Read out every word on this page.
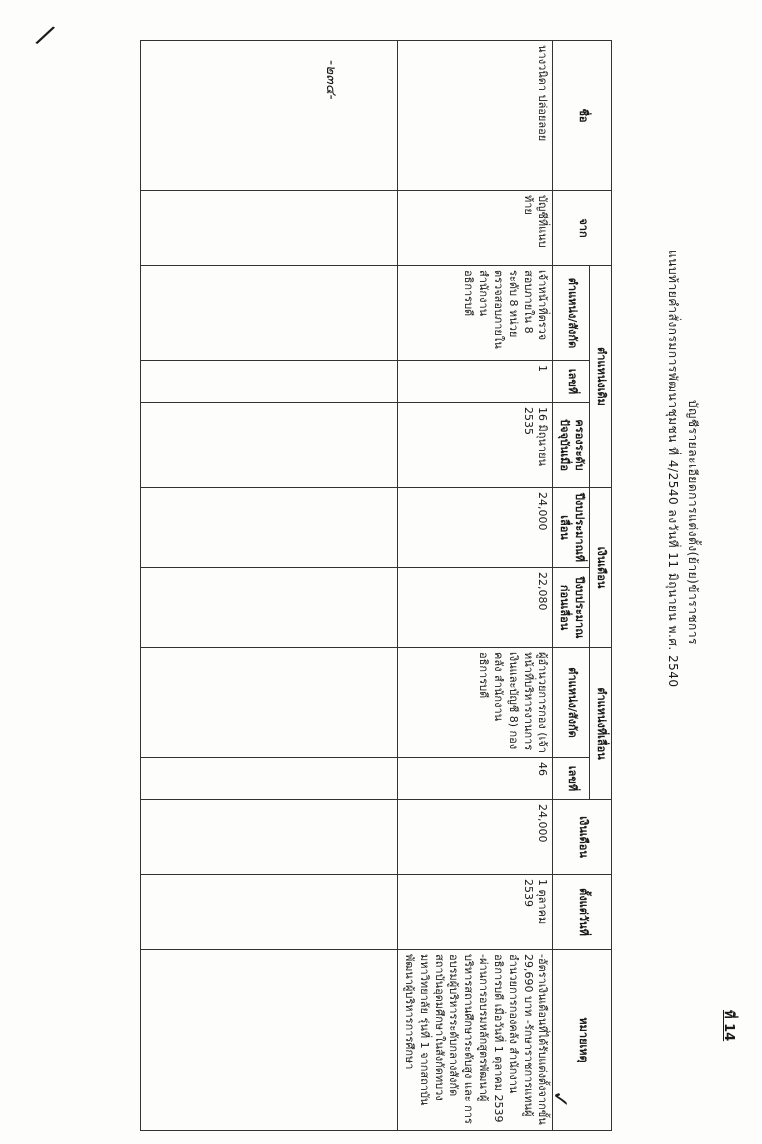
ที่ 14
บัญชีรายละเอียดการแต่งตั้ง(ย้าย)ข้าราชการ
แนบท้ายคำสั่งกรมการพัฒนาชุมชน ที่ 4/2540 ลงวันที่ 11 มิถุนายน พ.ศ. 2540
-๒๓๔-
/
✓
ชื่อ	จาก	ตำแหน่งเดิม			เงินเดือน		ตำแหน่งที่เลื่อน		เงินเดือน	ตั้งแต่วันที่	หมายเหตุ
		ตำแหน่ง/สังกัด	เลขที่	ครองระดับปัจจุบันเมื่อ	ปีงบประมาณที่เลื่อน	ปีงบประมาณก่อนเลื่อน	ตำแหน่ง/สังกัด	เลขที่			
นางวนิดา ปล่อยลอย	บัญชีที่แนบท้าย	เจ้าหน้าที่ตรวจสอบภายใน 8 ระดับ 8 หน่วยตรวจสอบภายใน สำนักงานอธิการบดี	1	16 มิถุนายน 2535	24,000	22,080	ผู้อำนวยการกอง (เจ้าหน้าที่บริหารงานการเงินและบัญชี 8) กองคลัง สำนักงานอธิการบดี	46	24,000	1 ตุลาคม 2539	-อัตราเงินเดือนที่ได้รับแต่งตั้งจากขั้น 29,690 บาท -รักษาราชการแทนผู้อำนวยการกองคลัง สำนักงานอธิการบดี เมื่อวันที่ 1 ตุลาคม 2539 -ผ่านการอบรมหลักสูตรพัฒนาผู้บริหารสถานศึกษาระดับสูง และ การอบรมผู้บริหารระดับกลางสังกัดสถาบันอุดมศึกษาในสังกัดทบวงมหาวิทยาลัย รุ่นที่ 1 จากสถาบันพัฒนาผู้บริหารการศึกษา
